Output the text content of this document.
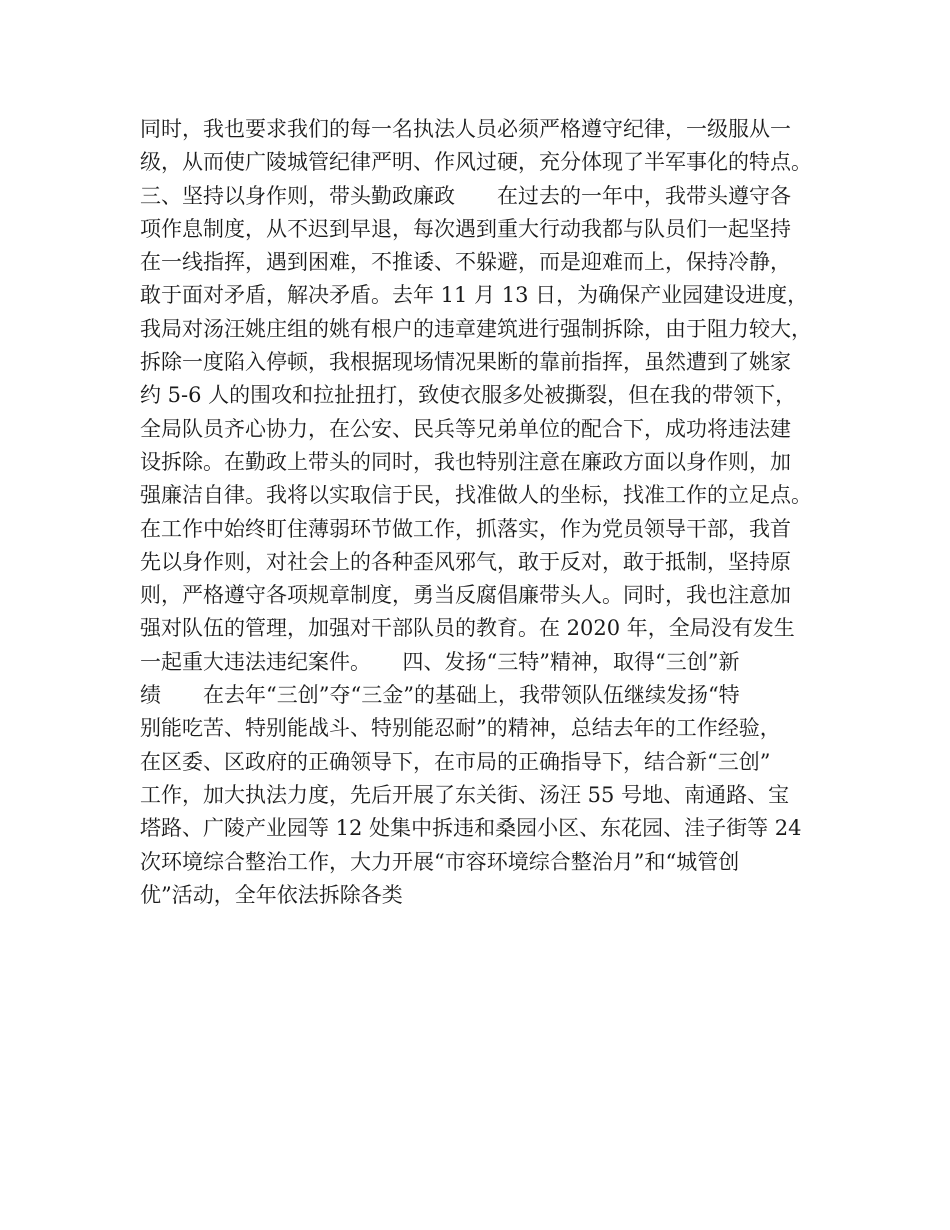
同时，我也要求我们的每一名执法人员必须严格遵守纪律，一级服从一
级，从而使广陵城管纪律严明、作风过硬，充分体现了半军事化的特点。
三、坚持以身作则，带头勤政廉政　　在过去的一年中，我带头遵守各
项作息制度，从不迟到早退，每次遇到重大行动我都与队员们一起坚持
在一线指挥，遇到困难，不推诿、不躲避，而是迎难而上，保持冷静，
敢于面对矛盾，解决矛盾。去年 11 月 13 日，为确保产业园建设进度，
我局对汤汪姚庄组的姚有根户的违章建筑进行强制拆除，由于阻力较大，
拆除一度陷入停顿，我根据现场情况果断的靠前指挥，虽然遭到了姚家
约 5-6 人的围攻和拉扯扭打，致使衣服多处被撕裂，但在我的带领下，
全局队员齐心协力，在公安、民兵等兄弟单位的配合下，成功将违法建
设拆除。在勤政上带头的同时，我也特别注意在廉政方面以身作则，加
强廉洁自律。我将以实取信于民，找准做人的坐标，找准工作的立足点。
在工作中始终盯住薄弱环节做工作，抓落实，作为党员领导干部，我首
先以身作则，对社会上的各种歪风邪气，敢于反对，敢于抵制，坚持原
则，严格遵守各项规章制度，勇当反腐倡廉带头人。同时，我也注意加
强对队伍的管理，加强对干部队员的教育。在 2020 年，全局没有发生
一起重大违法违纪案件。　　四、发扬“三特”精神，取得“三创”新
绩　　在去年“三创”夺“三金”的基础上，我带领队伍继续发扬“特
别能吃苦、特别能战斗、特别能忍耐”的精神，总结去年的工作经验，
在区委、区政府的正确领导下，在市局的正确指导下，结合新“三创”
工作，加大执法力度，先后开展了东关街、汤汪 55 号地、南通路、宝
塔路、广陵产业园等 12 处集中拆违和桑园小区、东花园、洼子街等 24
次环境综合整治工作，大力开展“市容环境综合整治月”和“城管创
优”活动，全年依法拆除各类
